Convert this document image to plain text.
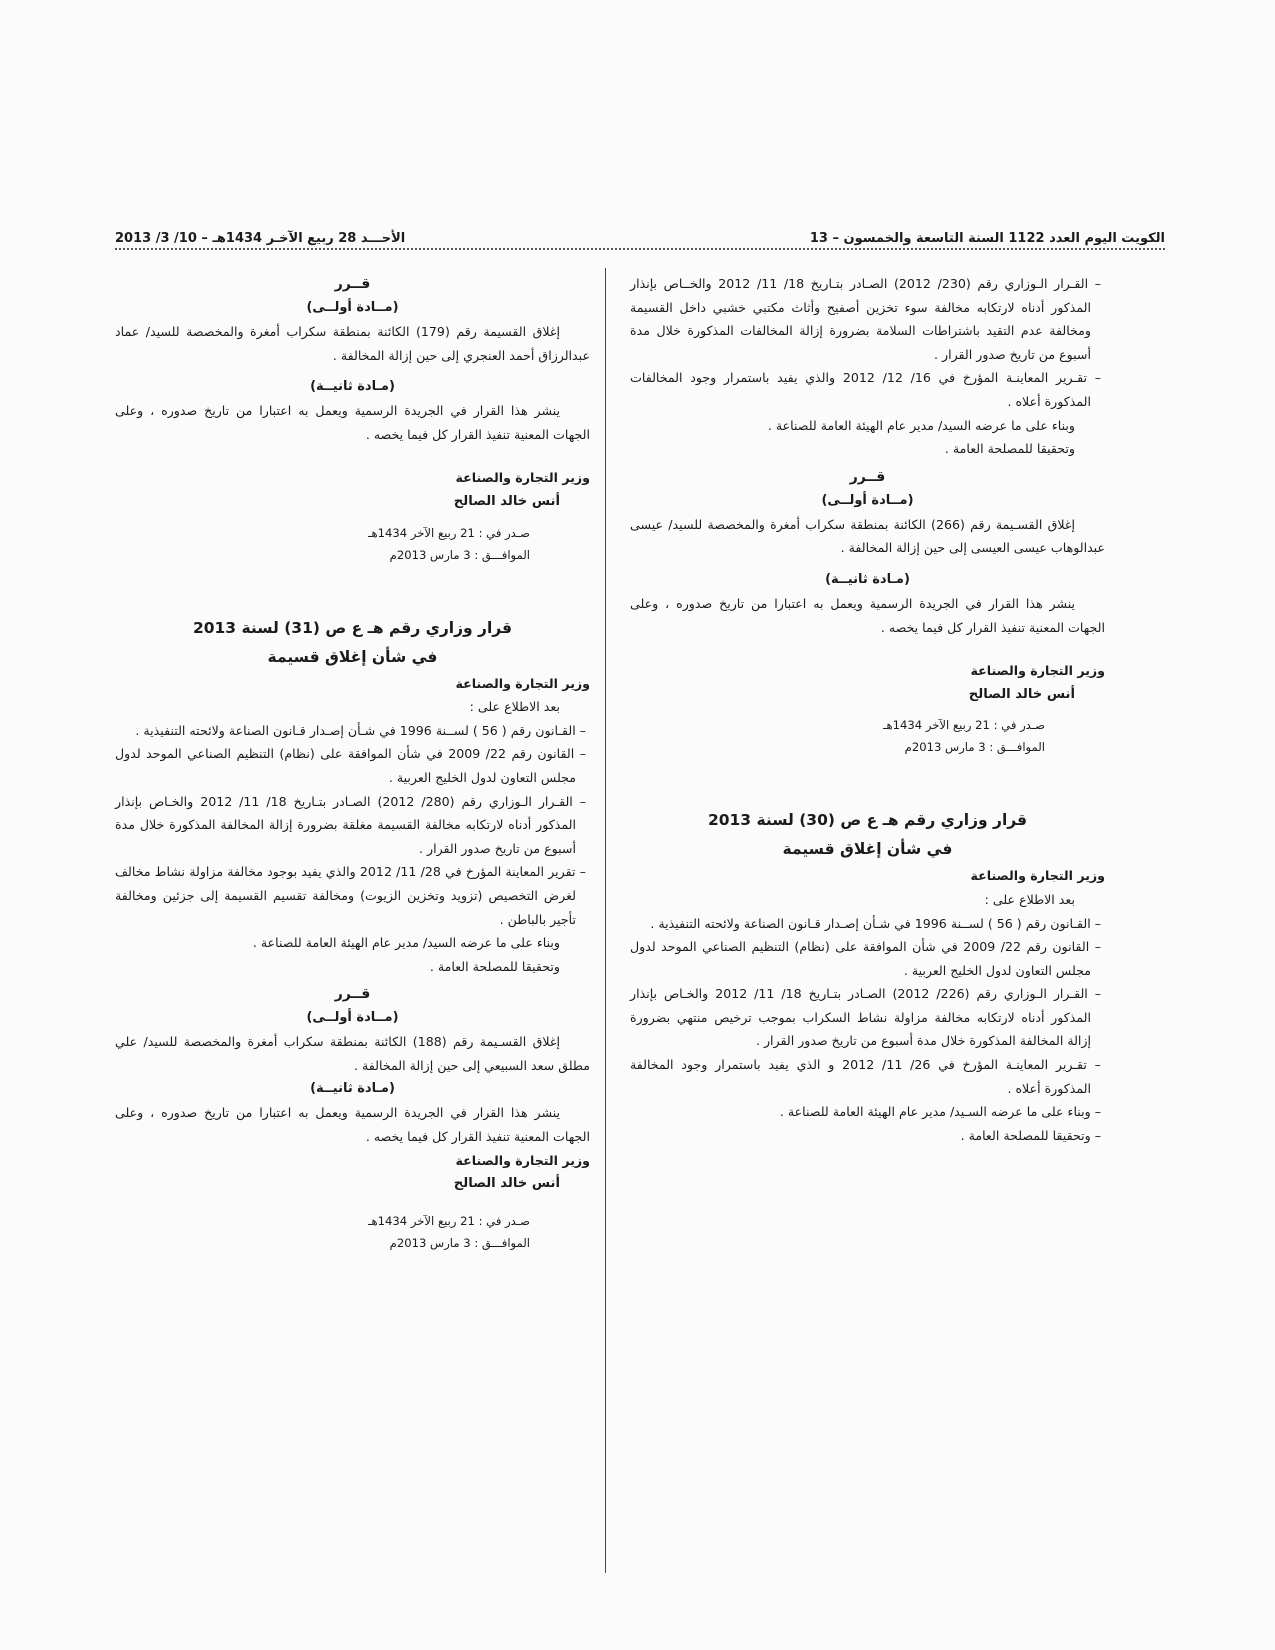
الكويت اليوم العدد 1122 السنة التاسعة والخمسون – 13
الأحـــد 28 ربيع الآخـر 1434هـ – 10/ 3/ 2013

– القـرار الـوزاري رقم (230/ 2012) الصـادر بتـاريخ 18/ 11/ 2012 والخــاص بإنذار المذكور أدناه لارتكابه مخالفة سوء تخزين أصفيح وأثاث مكتبي خشبي داخل القسيمة ومخالفة عدم التقيد باشتراطات السلامة بضرورة إزالة المخالفات المذكورة خلال مدة أسبوع من تاريخ صدور القرار .

– تقـرير المعاينـة المؤرخ في 16/ 12/ 2012 والذي يفيد باستمرار وجود المخالفات المذكورة أعلاه .

وبناء على ما عرضه السيد/ مدير عام الهيئة العامة للصناعة .

وتحقيقا للمصلحة العامة .

قــرر

(مــادة أولــى)

إغلاق القسـيمة رقم (266) الكائنة بمنطقة سكراب أمغرة والمخصصة للسيد/ عيسى عبدالوهاب عيسى العيسى إلى حين إزالة المخالفة .

(مـادة ثانيــة)

ينشر هذا القرار في الجريدة الرسمية ويعمل به اعتبارا من تاريخ صدوره ، وعلى الجهات المعنية تنفيذ القرار كل فيما يخصه .

وزير التجارة والصناعة

أنس خالد الصالح

صـدر في : 21 ربيع الآخر 1434هـ

الموافـــق : 3 مارس 2013م

قرار وزاري رقم هـ ع ص (30) لسنة 2013

في شأن إغلاق قسيمة

وزير التجارة والصناعة

بعد الاطلاع على :

– القـانون رقم ( 56 ) لســنة 1996 في شـأن إصـدار قـانون الصناعة ولائحته التنفيذية .

– القانون رقم 22/ 2009 في شأن الموافقة على (نظام) التنظيم الصناعي الموحد لدول مجلس التعاون لدول الخليج العربية .

– القـرار الـوزاري رقم (226/ 2012) الصـادر بتـاريخ 18/ 11/ 2012 والخـاص بإنذار المذكور أدناه لارتكابه مخالفة مزاولة نشاط السكراب بموجب ترخيص منتهي بضرورة إزالة المخالفة المذكورة خلال مدة أسبوع من تاريخ صدور القرار .

– تقـرير المعاينـة المؤرخ في 26/ 11/ 2012 و الذي يفيد باستمرار وجود المخالفة المذكورة أعلاه .

– وبناء على ما عرضه السـيد/ مدير عام الهيئة العامة للصناعة .

– وتحقيقا للمصلحة العامة .

قــرر

(مــادة أولــى)

إغلاق القسيمة رقم (179) الكائنة بمنطقة سكراب أمغرة والمخصصة للسيد/ عماد عبدالرزاق أحمد العنجري إلى حين إزالة المخالفة .

(مـادة ثانيــة)

ينشر هذا القرار في الجريدة الرسمية ويعمل به اعتبارا من تاريخ صدوره ، وعلى الجهات المعنية تنفيذ القرار كل فيما يخصه .

وزير التجارة والصناعة

أنس خالد الصالح

صـدر في : 21 ربيع الآخر 1434هـ

الموافـــق : 3 مارس 2013م

قرار وزاري رقم هـ ع ص (31) لسنة 2013

في شأن إغلاق قسيمة

وزير التجارة والصناعة

بعد الاطلاع على :

– القـانون رقم ( 56 ) لســنة 1996 في شـأن إصـدار قـانون الصناعة ولائحته التنفيذية .

– القانون رقم 22/ 2009 في شأن الموافقة على (نظام) التنظيم الصناعي الموحد لدول مجلس التعاون لدول الخليج العربية .

– القـرار الـوزاري رقم (280/ 2012) الصـادر بتـاريخ 18/ 11/ 2012 والخـاص بإنذار المذكور أدناه لارتكابه مخالفة القسيمة مغلقة بضرورة إزالة المخالفة المذكورة خلال مدة أسبوع من تاريخ صدور القرار .

– تقرير المعاينة المؤرخ في 28/ 11/ 2012 والذي يفيد بوجود مخالفة مزاولة نشاط مخالف لغرض التخصيص (تزويد وتخزين الزيوت) ومخالفة تقسيم القسيمة إلى جزئين ومخالفة تأجير بالباطن .

وبناء على ما عرضه السيد/ مدير عام الهيئة العامة للصناعة .

وتحقيقا للمصلحة العامة .

قــرر

(مــادة أولــى)

إغلاق القسـيمة رقم (188) الكائنة بمنطقة سكراب أمغرة والمخصصة للسيد/ علي مطلق سعد السبيعي إلى حين إزالة المخالفة .

(مـادة ثانيــة)

ينشر هذا القرار في الجريدة الرسمية ويعمل به اعتبارا من تاريخ صدوره ، وعلى الجهات المعنية تنفيذ القرار كل فيما يخصه .

وزير التجارة والصناعة

أنس خالد الصالح

صـدر في : 21 ربيع الآخر 1434هـ

الموافـــق : 3 مارس 2013م
